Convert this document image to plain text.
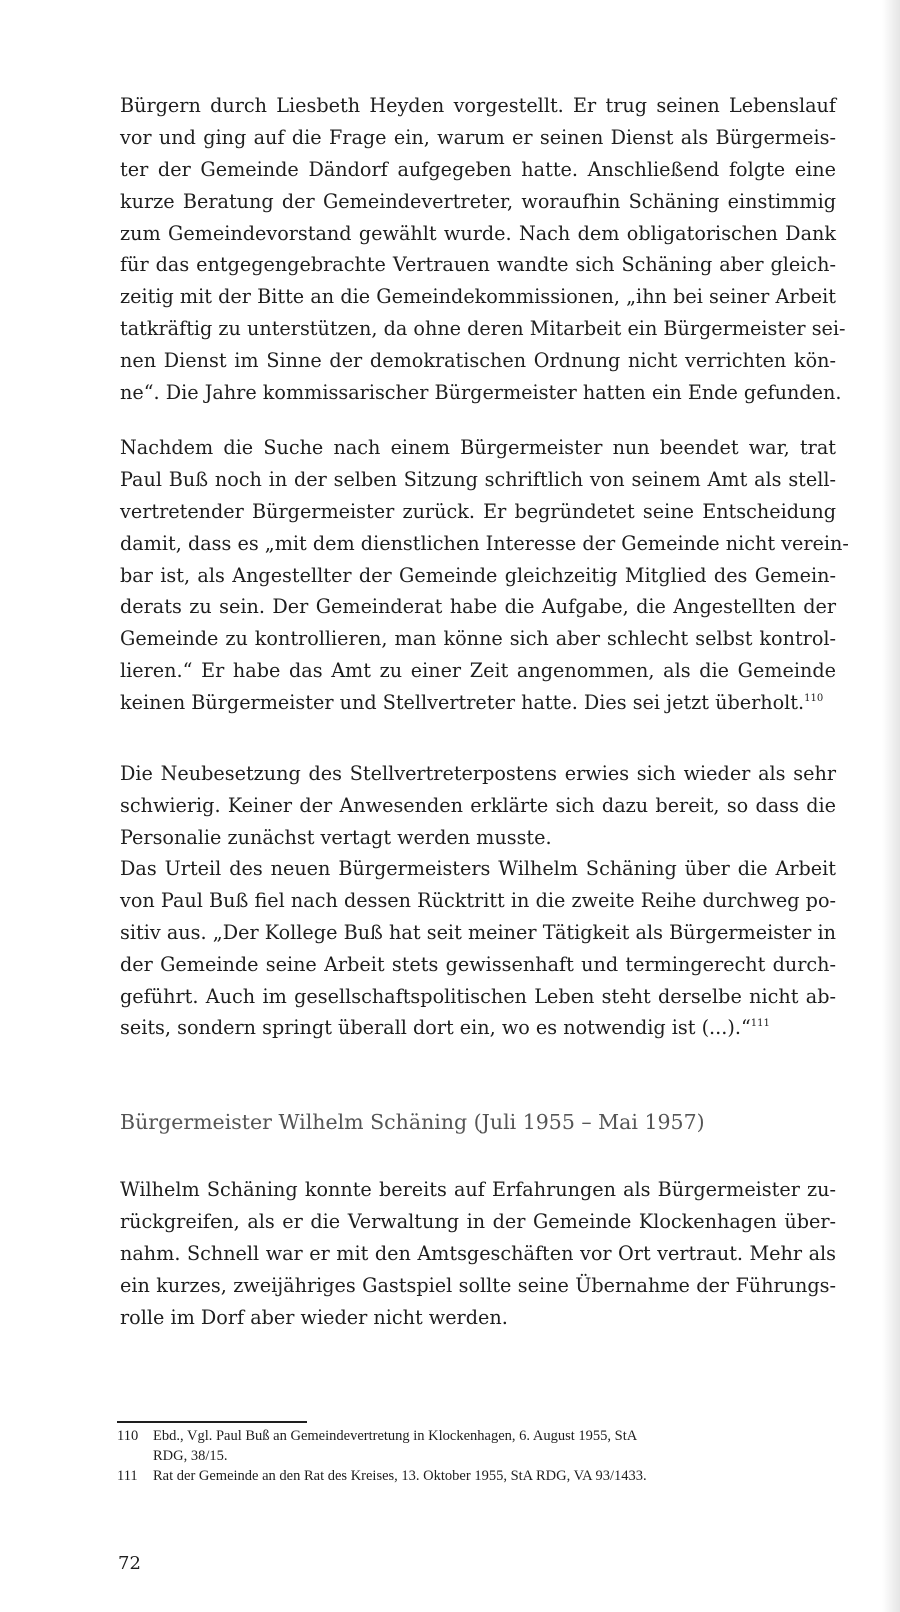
Bürgern durch Liesbeth Heyden vorgestellt. Er trug seinen Lebenslauf
vor und ging auf die Frage ein, warum er seinen Dienst als Bürgermeis-
ter der Gemeinde Dändorf aufgegeben hatte. Anschließend folgte eine
kurze Beratung der Gemeindevertreter, woraufhin Schäning einstimmig
zum Gemeindevorstand gewählt wurde. Nach dem obligatorischen Dank
für das entgegengebrachte Vertrauen wandte sich Schäning aber gleich-
zeitig mit der Bitte an die Gemeindekommissionen, „ihn bei seiner Arbeit
tatkräftig zu unterstützen, da ohne deren Mitarbeit ein Bürgermeister sei-
nen Dienst im Sinne der demokratischen Ordnung nicht verrichten kön-
ne“. Die Jahre kommissarischer Bürgermeister hatten ein Ende gefunden.
Nachdem die Suche nach einem Bürgermeister nun beendet war, trat
Paul Buß noch in der selben Sitzung schriftlich von seinem Amt als stell-
vertretender Bürgermeister zurück. Er begründetet seine Entscheidung
damit, dass es „mit dem dienstlichen Interesse der Gemeinde nicht verein-
bar ist, als Angestellter der Gemeinde gleichzeitig Mitglied des Gemein-
derats zu sein. Der Gemeinderat habe die Aufgabe, die Angestellten der
Gemeinde zu kontrollieren, man könne sich aber schlecht selbst kontrol-
lieren.“ Er habe das Amt zu einer Zeit angenommen, als die Gemeinde
keinen Bürgermeister und Stellvertreter hatte. Dies sei jetzt überholt.$^{110}$
Die Neubesetzung des Stellvertreterpostens erwies sich wieder als sehr
schwierig. Keiner der Anwesenden erklärte sich dazu bereit, so dass die
Personalie zunächst vertagt werden musste.
Das Urteil des neuen Bürgermeisters Wilhelm Schäning über die Arbeit
von Paul Buß fiel nach dessen Rücktritt in die zweite Reihe durchweg po-
sitiv aus. „Der Kollege Buß hat seit meiner Tätigkeit als Bürgermeister in
der Gemeinde seine Arbeit stets gewissenhaft und termingerecht durch-
geführt. Auch im gesellschaftspolitischen Leben steht derselbe nicht ab-
seits, sondern springt überall dort ein, wo es notwendig ist (...).“$^{111}$
Bürgermeister Wilhelm Schäning (Juli 1955 – Mai 1957)
Wilhelm Schäning konnte bereits auf Erfahrungen als Bürgermeister zu-
rückgreifen, als er die Verwaltung in der Gemeinde Klockenhagen über-
nahm. Schnell war er mit den Amtsgeschäften vor Ort vertraut. Mehr als
ein kurzes, zweijähriges Gastspiel sollte seine Übernahme der Führungs-
rolle im Dorf aber wieder nicht werden.
110	Ebd., Vgl. Paul Buß an Gemeindevertretung in Klockenhagen, 6. August 1955, StA
RDG, 38/15.
111	Rat der Gemeinde an den Rat des Kreises, 13. Oktober 1955, StA RDG, VA 93/1433.
72
